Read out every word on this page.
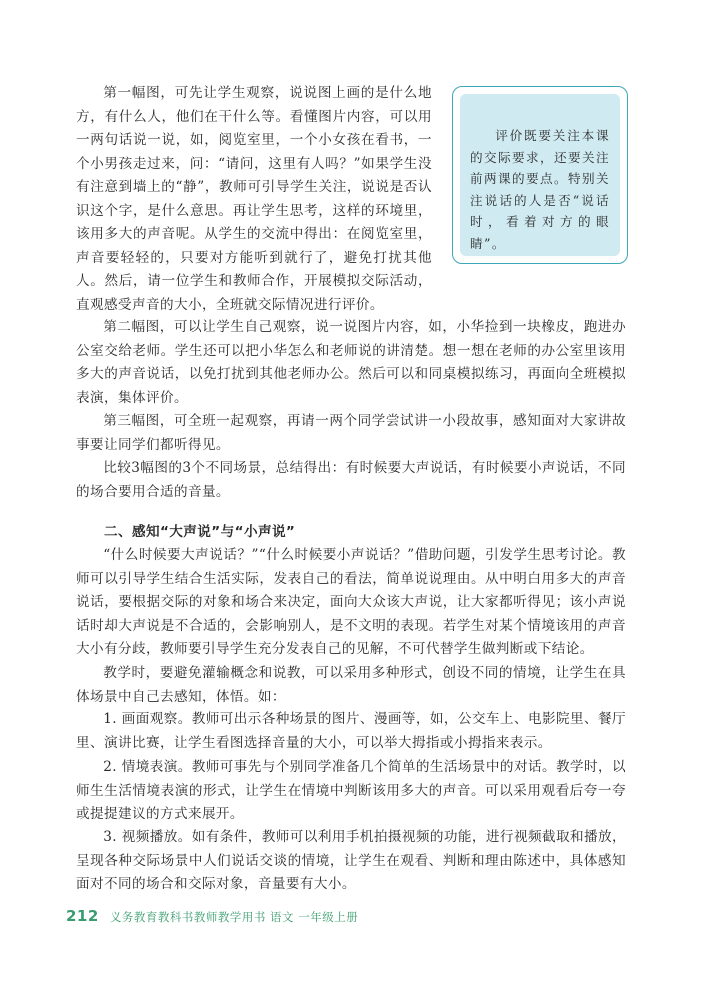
第一幅图，可先让学生观察，说说图上画的是什么地方，有什么人，他们在干什么等。看懂图片内容，可以用一两句话说一说，如，阅览室里，一个小女孩在看书，一个小男孩走过来，问：“请问，这里有人吗？”如果学生没有注意到墙上的“静”，教师可引导学生关注，说说是否认识这个字，是什么意思。再让学生思考，这样的环境里，该用多大的声音呢。从学生的交流中得出：在阅览室里，声音要轻轻的，只要对方能听到就行了，避免打扰其他人。然后，请一位学生和教师合作，开展模拟交际活动，直观感受声音的大小，全班就交际情况进行评价。

评价既要关注本课的交际要求，还要关注前两课的要点。特别关注说话的人是否“说话时，看着对方的眼睛”。

第二幅图，可以让学生自己观察，说一说图片内容，如，小华捡到一块橡皮，跑进办公室交给老师。学生还可以把小华怎么和老师说的讲清楚。想一想在老师的办公室里该用多大的声音说话，以免打扰到其他老师办公。然后可以和同桌模拟练习，再面向全班模拟表演，集体评价。

第三幅图，可全班一起观察，再请一两个同学尝试讲一小段故事，感知面对大家讲故事要让同学们都听得见。

比较3幅图的3个不同场景，总结得出：有时候要大声说话，有时候要小声说话，不同的场合要用合适的音量。

二、感知“大声说”与“小声说”

“什么时候要大声说话？”“什么时候要小声说话？”借助问题，引发学生思考讨论。教师可以引导学生结合生活实际，发表自己的看法，简单说说理由。从中明白用多大的声音说话，要根据交际的对象和场合来决定，面向大众该大声说，让大家都听得见；该小声说话时却大声说是不合适的，会影响别人，是不文明的表现。若学生对某个情境该用的声音大小有分歧，教师要引导学生充分发表自己的见解，不可代替学生做判断或下结论。

教学时，要避免灌输概念和说教，可以采用多种形式，创设不同的情境，让学生在具体场景中自己去感知，体悟。如：

1. 画面观察。教师可出示各种场景的图片、漫画等，如，公交车上、电影院里、餐厅里、演讲比赛，让学生看图选择音量的大小，可以举大拇指或小拇指来表示。

2. 情境表演。教师可事先与个别同学准备几个简单的生活场景中的对话。教学时，以师生生活情境表演的形式，让学生在情境中判断该用多大的声音。可以采用观看后夸一夸或提提建议的方式来展开。

3. 视频播放。如有条件，教师可以利用手机拍摄视频的功能，进行视频截取和播放，呈现各种交际场景中人们说话交谈的情境，让学生在观看、判断和理由陈述中，具体感知面对不同的场合和交际对象，音量要有大小。

212 义务教育教科书教师教学用书 语文 一年级上册
